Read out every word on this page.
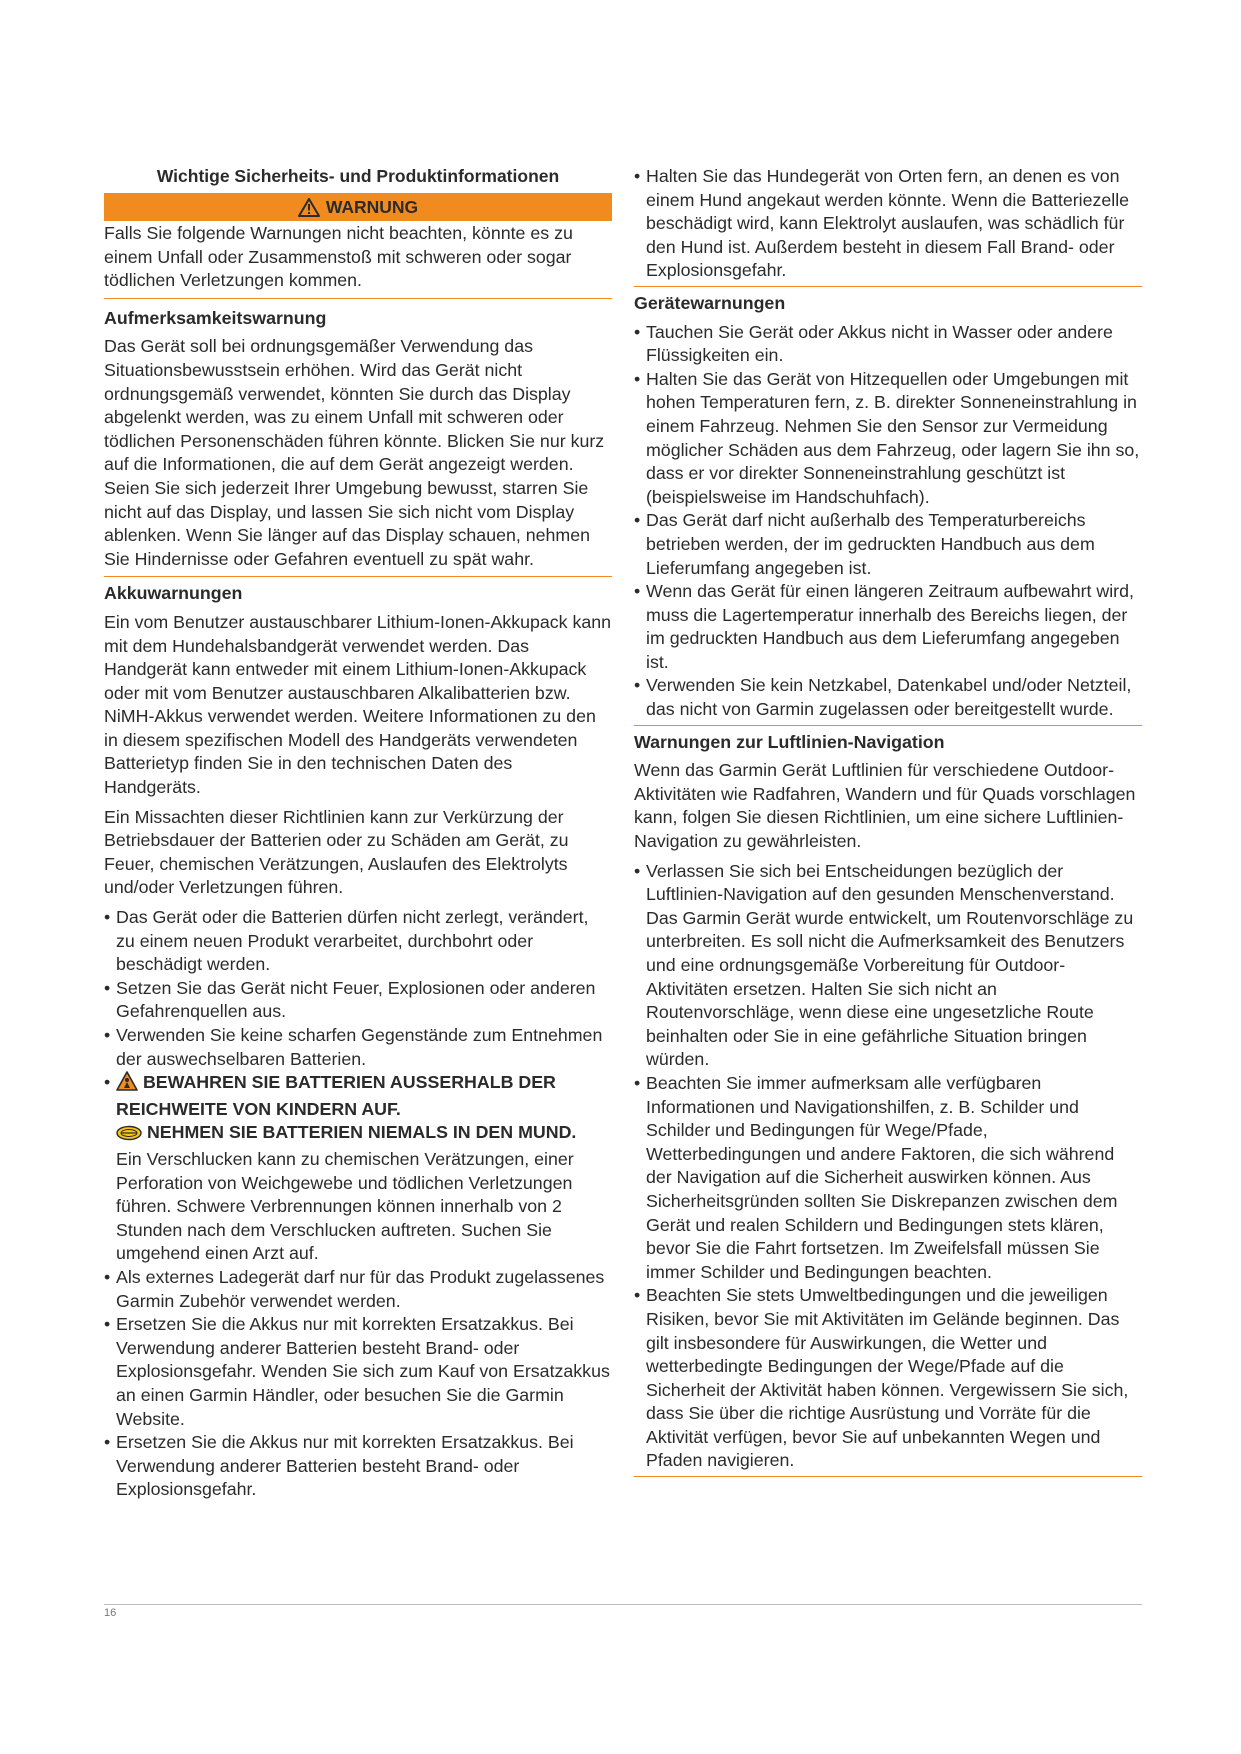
Wichtige Sicherheits- und Produktinformationen
WARNUNG

Falls Sie folgende Warnungen nicht beachten, könnte es zu einem Unfall oder Zusammenstoß mit schweren oder sogar tödlichen Verletzungen kommen.

Aufmerksamkeitswarnung

Das Gerät soll bei ordnungsgemäßer Verwendung das Situationsbewusstsein erhöhen. Wird das Gerät nicht ordnungsgemäß verwendet, könnten Sie durch das Display abgelenkt werden, was zu einem Unfall mit schweren oder tödlichen Personenschäden führen könnte. Blicken Sie nur kurz auf die Informationen, die auf dem Gerät angezeigt werden. Seien Sie sich jederzeit Ihrer Umgebung bewusst, starren Sie nicht auf das Display, und lassen Sie sich nicht vom Display ablenken. Wenn Sie länger auf das Display schauen, nehmen Sie Hindernisse oder Gefahren eventuell zu spät wahr.

Akkuwarnungen

Ein vom Benutzer austauschbarer Lithium-Ionen-Akkupack kann mit dem Hundehalsbandgerät verwendet werden. Das Handgerät kann entweder mit einem Lithium-Ionen-Akkupack oder mit vom Benutzer austauschbaren Alkalibatterien bzw. NiMH-Akkus verwendet werden. Weitere Informationen zu den in diesem spezifischen Modell des Handgeräts verwendeten Batterietyp finden Sie in den technischen Daten des Handgeräts.

Ein Missachten dieser Richtlinien kann zur Verkürzung der Betriebsdauer der Batterien oder zu Schäden am Gerät, zu Feuer, chemischen Verätzungen, Auslaufen des Elektrolyts und/oder Verletzungen führen.

• Das Gerät oder die Batterien dürfen nicht zerlegt, verändert, zu einem neuen Produkt verarbeitet, durchbohrt oder beschädigt werden.
• Setzen Sie das Gerät nicht Feuer, Explosionen oder anderen Gefahrenquellen aus.
• Verwenden Sie keine scharfen Gegenstände zum Entnehmen der auswechselbaren Batterien.
• BEWAHREN SIE BATTERIEN AUSSERHALB DER REICHWEITE VON KINDERN AUF.
NEHMEN SIE BATTERIEN NIEMALS IN DEN MUND.
Ein Verschlucken kann zu chemischen Verätzungen, einer Perforation von Weichgewebe und tödlichen Verletzungen führen. Schwere Verbrennungen können innerhalb von 2 Stunden nach dem Verschlucken auftreten. Suchen Sie umgehend einen Arzt auf.
• Als externes Ladegerät darf nur für das Produkt zugelassenes Garmin Zubehör verwendet werden.
• Ersetzen Sie die Akkus nur mit korrekten Ersatzakkus. Bei Verwendung anderer Batterien besteht Brand- oder Explosionsgefahr. Wenden Sie sich zum Kauf von Ersatzakkus an einen Garmin Händler, oder besuchen Sie die Garmin Website.
• Ersetzen Sie die Akkus nur mit korrekten Ersatzakkus. Bei Verwendung anderer Batterien besteht Brand- oder Explosionsgefahr.
• Halten Sie das Hundegerät von Orten fern, an denen es von einem Hund angekaut werden könnte. Wenn die Batteriezelle beschädigt wird, kann Elektrolyt auslaufen, was schädlich für den Hund ist. Außerdem besteht in diesem Fall Brand- oder Explosionsgefahr.
Gerätewarnungen
• Tauchen Sie Gerät oder Akkus nicht in Wasser oder andere Flüssigkeiten ein.
• Halten Sie das Gerät von Hitzequellen oder Umgebungen mit hohen Temperaturen fern, z. B. direkter Sonneneinstrahlung in einem Fahrzeug. Nehmen Sie den Sensor zur Vermeidung möglicher Schäden aus dem Fahrzeug, oder lagern Sie ihn so, dass er vor direkter Sonneneinstrahlung geschützt ist (beispielsweise im Handschuhfach).
• Das Gerät darf nicht außerhalb des Temperaturbereichs betrieben werden, der im gedruckten Handbuch aus dem Lieferumfang angegeben ist.
• Wenn das Gerät für einen längeren Zeitraum aufbewahrt wird, muss die Lagertemperatur innerhalb des Bereichs liegen, der im gedruckten Handbuch aus dem Lieferumfang angegeben ist.
• Verwenden Sie kein Netzkabel, Datenkabel und/oder Netzteil, das nicht von Garmin zugelassen oder bereitgestellt wurde.
Warnungen zur Luftlinien-Navigation

Wenn das Garmin Gerät Luftlinien für verschiedene Outdoor-Aktivitäten wie Radfahren, Wandern und für Quads vorschlagen kann, folgen Sie diesen Richtlinien, um eine sichere Luftlinien-Navigation zu gewährleisten.

• Verlassen Sie sich bei Entscheidungen bezüglich der Luftlinien-Navigation auf den gesunden Menschenverstand. Das Garmin Gerät wurde entwickelt, um Routenvorschläge zu unterbreiten. Es soll nicht die Aufmerksamkeit des Benutzers und eine ordnungsgemäße Vorbereitung für Outdoor-Aktivitäten ersetzen. Halten Sie sich nicht an Routenvorschläge, wenn diese eine ungesetzliche Route beinhalten oder Sie in eine gefährliche Situation bringen würden.
• Beachten Sie immer aufmerksam alle verfügbaren Informationen und Navigationshilfen, z. B. Schilder und Schilder und Bedingungen für Wege/Pfade, Wetterbedingungen und andere Faktoren, die sich während der Navigation auf die Sicherheit auswirken können. Aus Sicherheitsgründen sollten Sie Diskrepanzen zwischen dem Gerät und realen Schildern und Bedingungen stets klären, bevor Sie die Fahrt fortsetzen. Im Zweifelsfall müssen Sie immer Schilder und Bedingungen beachten.
• Beachten Sie stets Umweltbedingungen und die jeweiligen Risiken, bevor Sie mit Aktivitäten im Gelände beginnen. Das gilt insbesondere für Auswirkungen, die Wetter und wetterbedingte Bedingungen der Wege/Pfade auf die Sicherheit der Aktivität haben können. Vergewissern Sie sich, dass Sie über die richtige Ausrüstung und Vorräte für die Aktivität verfügen, bevor Sie auf unbekannten Wegen und Pfaden navigieren.
16
